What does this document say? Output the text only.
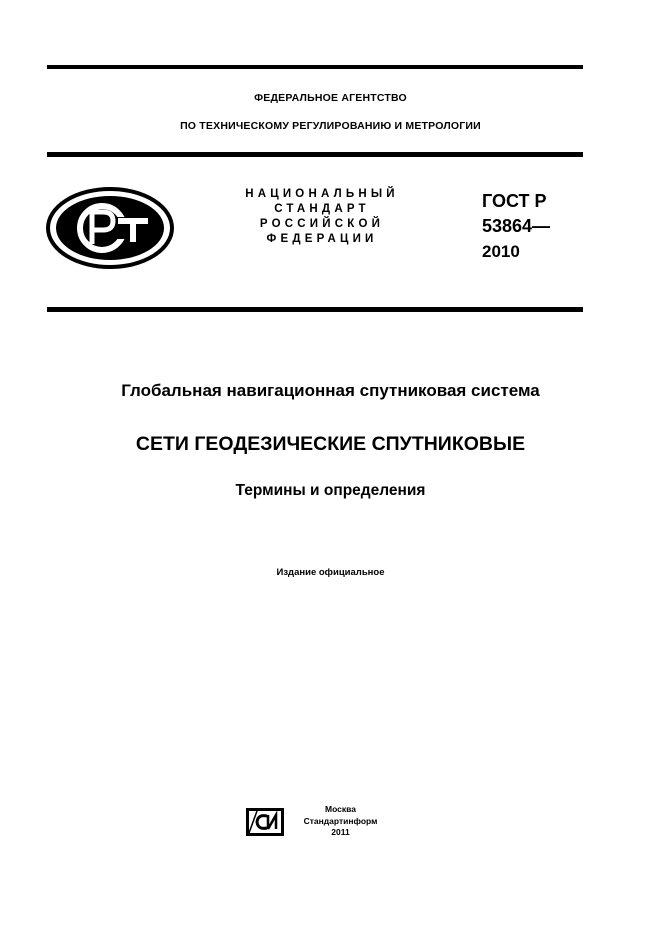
ФЕДЕРАЛЬНОЕ АГЕНТСТВО
ПО ТЕХНИЧЕСКОМУ РЕГУЛИРОВАНИЮ И МЕТРОЛОГИИ
НАЦИОНАЛЬНЫЙ
СТАНДАРТ
РОССИЙСКОЙ
ФЕДЕРАЦИИ
ГОСТ Р
53864—
2010
Глобальная навигационная спутниковая система
СЕТИ ГЕОДЕЗИЧЕСКИЕ СПУТНИКОВЫЕ
Термины и определения
Издание официальное
Москва
Стандартинформ
2011
